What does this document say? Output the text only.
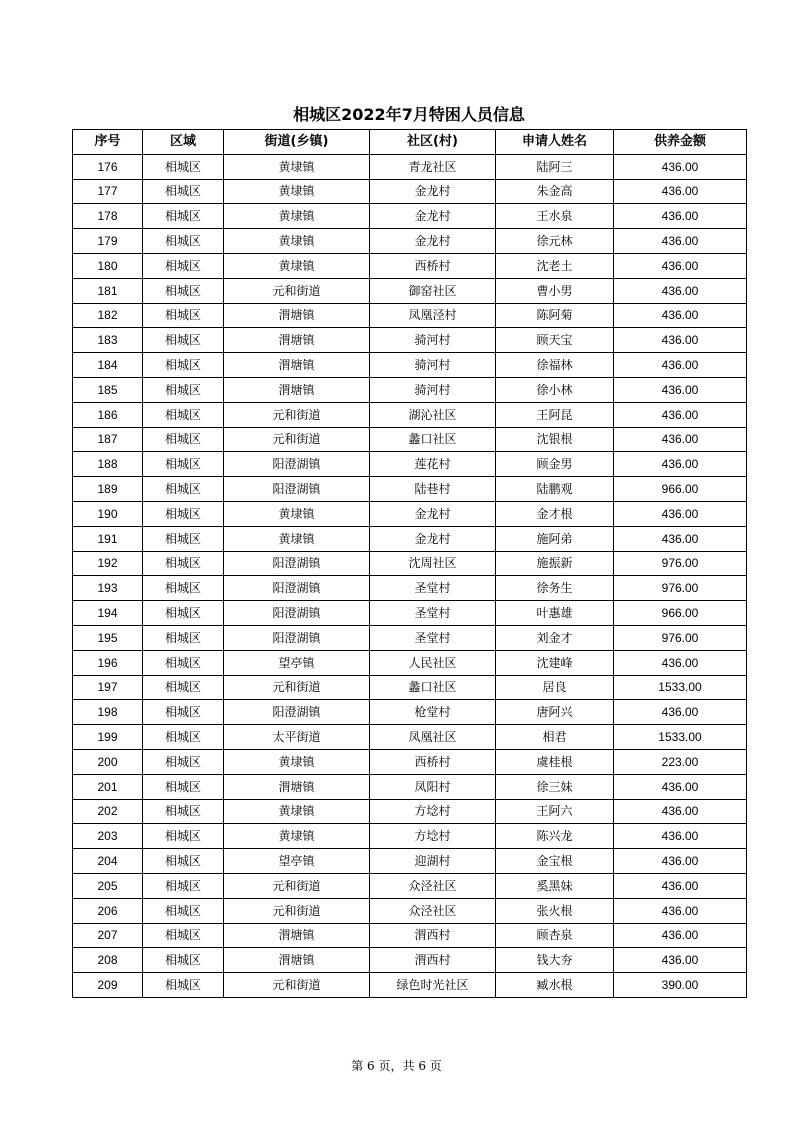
相城区2022年7月特困人员信息
序号	区域	街道(乡镇)	社区(村)	申请人姓名	供养金额
176	相城区	黄埭镇	青龙社区	陆阿三	436.00
177	相城区	黄埭镇	金龙村	朱金高	436.00
178	相城区	黄埭镇	金龙村	王水泉	436.00
179	相城区	黄埭镇	金龙村	徐元林	436.00
180	相城区	黄埭镇	西桥村	沈老土	436.00
181	相城区	元和街道	御窑社区	曹小男	436.00
182	相城区	渭塘镇	凤凰泾村	陈阿菊	436.00
183	相城区	渭塘镇	骑河村	顾天宝	436.00
184	相城区	渭塘镇	骑河村	徐福林	436.00
185	相城区	渭塘镇	骑河村	徐小林	436.00
186	相城区	元和街道	湖沁社区	王阿昆	436.00
187	相城区	元和街道	蠡口社区	沈银根	436.00
188	相城区	阳澄湖镇	莲花村	顾金男	436.00
189	相城区	阳澄湖镇	陆巷村	陆鹏观	966.00
190	相城区	黄埭镇	金龙村	金才根	436.00
191	相城区	黄埭镇	金龙村	施阿弟	436.00
192	相城区	阳澄湖镇	沈周社区	施振新	976.00
193	相城区	阳澄湖镇	圣堂村	徐务生	976.00
194	相城区	阳澄湖镇	圣堂村	叶惠雄	966.00
195	相城区	阳澄湖镇	圣堂村	刘金才	976.00
196	相城区	望亭镇	人民社区	沈建峰	436.00
197	相城区	元和街道	蠡口社区	居良	1533.00
198	相城区	阳澄湖镇	枪堂村	唐阿兴	436.00
199	相城区	太平街道	凤凰社区	相君	1533.00
200	相城区	黄埭镇	西桥村	虞桂根	223.00
201	相城区	渭塘镇	凤阳村	徐三妹	436.00
202	相城区	黄埭镇	方埝村	王阿六	436.00
203	相城区	黄埭镇	方埝村	陈兴龙	436.00
204	相城区	望亭镇	迎湖村	金宝根	436.00
205	相城区	元和街道	众泾社区	奚黑妹	436.00
206	相城区	元和街道	众泾社区	张火根	436.00
207	相城区	渭塘镇	渭西村	顾杏泉	436.00
208	相城区	渭塘镇	渭西村	钱大夯	436.00
209	相城区	元和街道	绿色时光社区	臧水根	390.00
第 6 页，共 6 页
